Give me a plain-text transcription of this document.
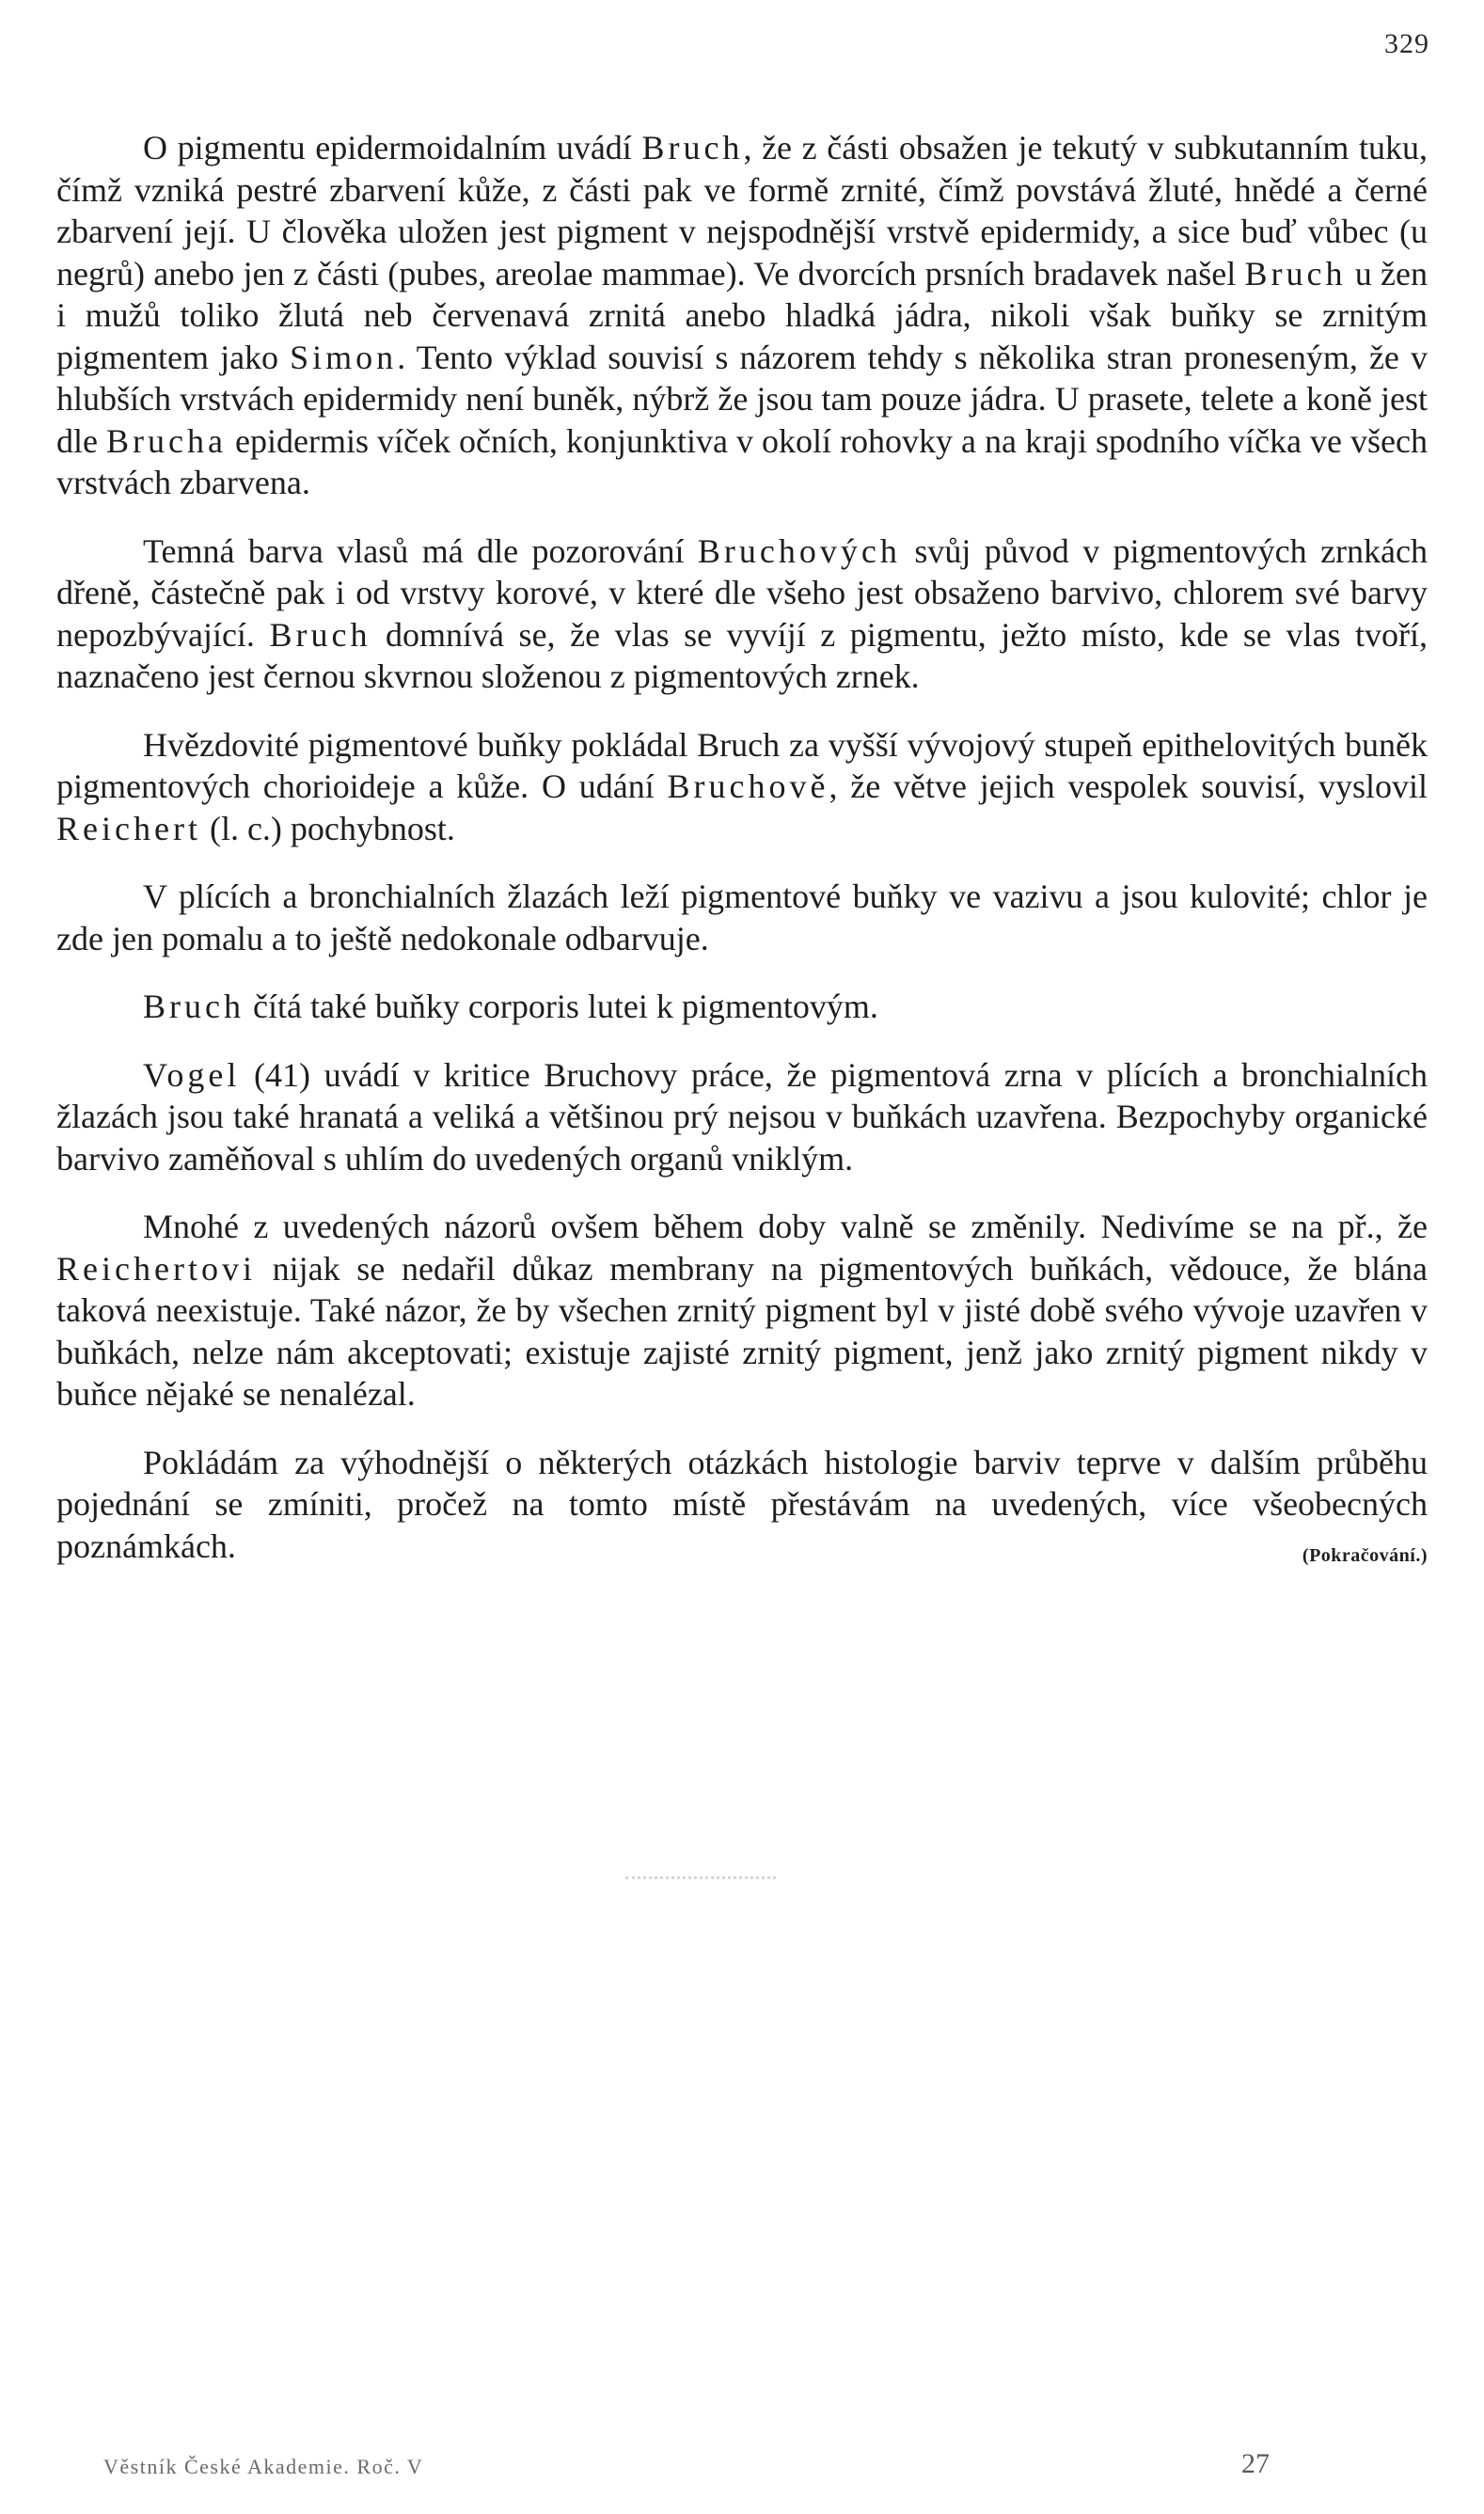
329

O pigmentu epidermoidalním uvádí Bruch, že z části obsažen je tekutý v subkutanním tuku, čímž vzniká pestré zbarvení kůže, z části pak ve formě zrnité, čímž povstává žluté, hnědé a černé zbarvení její. U člověka uložen jest pigment v nejspodnější vrstvě epidermidy, a sice buď vůbec (u negrů) anebo jen z části (pubes, areolae mammae). Ve dvorcích prsních bradavek našel Bruch u žen i mužů toliko žlutá neb červenavá zrnitá anebo hladká jádra, nikoli však buňky se zrnitým pigmentem jako Simon. Tento výklad souvisí s názorem tehdy s několika stran proneseným, že v hlubších vrstvách epidermidy není buněk, nýbrž že jsou tam pouze jádra. U prasete, telete a koně jest dle Brucha epidermis víček očních, konjunktiva v okolí rohovky a na kraji spodního víčka ve všech vrstvách zbarvena.

Temná barva vlasů má dle pozorování Bruchových svůj původ v pigmentových zrnkách dřeně, částečně pak i od vrstvy korové, v které dle všeho jest obsaženo barvivo, chlorem své barvy nepozbývající. Bruch domnívá se, že vlas se vyvíjí z pigmentu, ježto místo, kde se vlas tvoří, naznačeno jest černou skvrnou složenou z pigmentových zrnek.

Hvězdovité pigmentové buňky pokládal Bruch za vyšší vývojový stupeň epithelovitých buněk pigmentových chorioideje a kůže. O udání Bruchově, že větve jejich vespolek souvisí, vyslovil Reichert (l. c.) pochybnost.

V plících a bronchialních žlazách leží pigmentové buňky ve vazivu a jsou kulovité; chlor je zde jen pomalu a to ještě nedokonale odbarvuje.

Bruch čítá také buňky corporis lutei k pigmentovým.

Vogel (41) uvádí v kritice Bruchovy práce, že pigmentová zrna v plících a bronchialních žlazách jsou také hranatá a veliká a většinou prý nejsou v buňkách uzavřena. Bezpochyby organické barvivo zaměňoval s uhlím do uvedených organů vniklým.

Mnohé z uvedených názorů ovšem během doby valně se změnily. Nedivíme se na př., že Reichertovi nijak se nedařil důkaz membrany na pigmentových buňkách, vědouce, že blána taková neexistuje. Také názor, že by všechen zrnitý pigment byl v jisté době svého vývoje uzavřen v buňkách, nelze nám akceptovati; existuje zajisté zrnitý pigment, jenž jako zrnitý pigment nikdy v buňce nějaké se nenalézal.

Pokládám za výhodnější o některých otázkách histologie barviv teprve v dalším průběhu pojednání se zmíniti, pročež na tomto místě přestávám na uvedených, více všeobecných poznámkách.	(Pokračování.)

Věstník České Akademie. Roč. V	27
